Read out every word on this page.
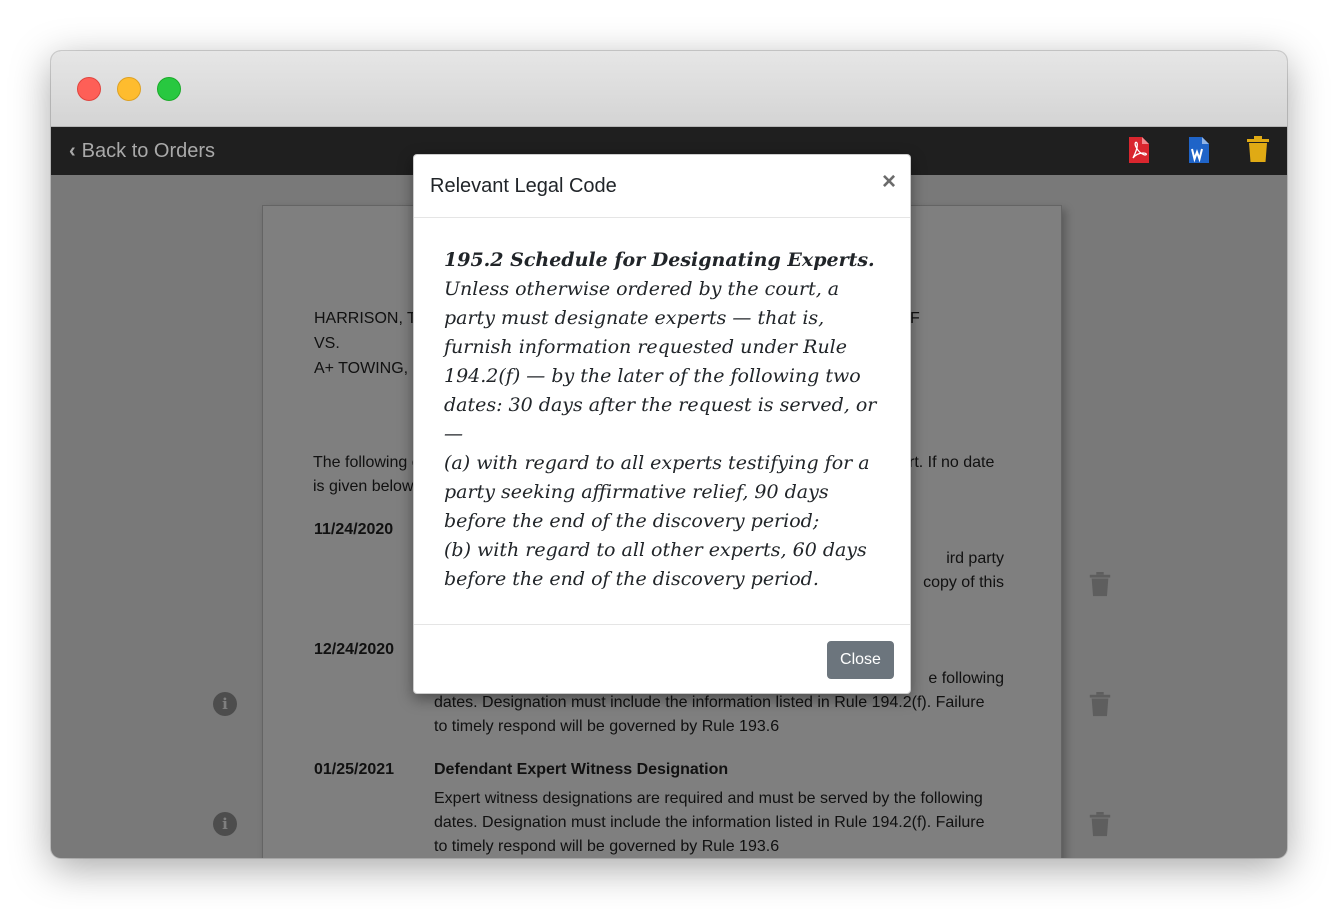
‹ Back to Orders
Relevant Legal Code	×
195.2 Schedule for Designating Experts.
Unless otherwise ordered by the court, a party must designate experts — that is, furnish information requested under Rule 194.2(f) — by the later of the following two dates: 30 days after the request is served, or —
(a) with regard to all experts testifying for a party seeking affirmative relief, 90 days before the end of the discovery period;
(b) with regard to all other experts, 60 days before the end of the discovery period.
Close
